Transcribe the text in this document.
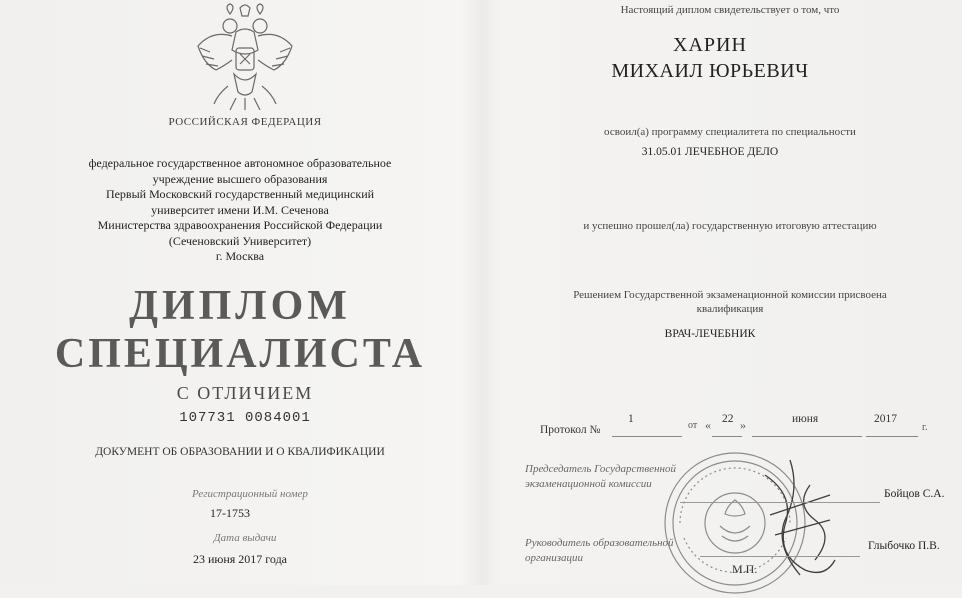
РОССИЙСКАЯ ФЕДЕРАЦИЯ
федеральное государственное автономное образовательное
учреждение высшего образования
Первый Московский государственный медицинский
университет имени И.М. Сеченова
Министерства здравоохранения Российской Федерации
(Сеченовский Университет)
г. Москва
ДИПЛОМ
СПЕЦИАЛИСТА
С ОТЛИЧИЕМ
107731 0084001
ДОКУМЕНТ ОБ ОБРАЗОВАНИИ И О КВАЛИФИКАЦИИ
Регистрационный номер
17-1753
Дата выдачи
23 июня 2017 года
Настоящий диплом свидетельствует о том, что
ХАРИН
МИХАИЛ ЮРЬЕВИЧ
освоил(а) программу специалитета по специальности
31.05.01 ЛЕЧЕБНОЕ ДЕЛО
и успешно прошел(ла) государственную итоговую аттестацию
Решением Государственной экзаменационной комиссии присвоена квалификация
ВРАЧ-ЛЕЧЕБНИК
Протокол №
1
от « 22 »	июня	2017
г.
Председатель Государственной экзаменационной комиссии
Бойцов С.А.
Руководитель образовательной организации
Глыбочко П.В.
М.П.
